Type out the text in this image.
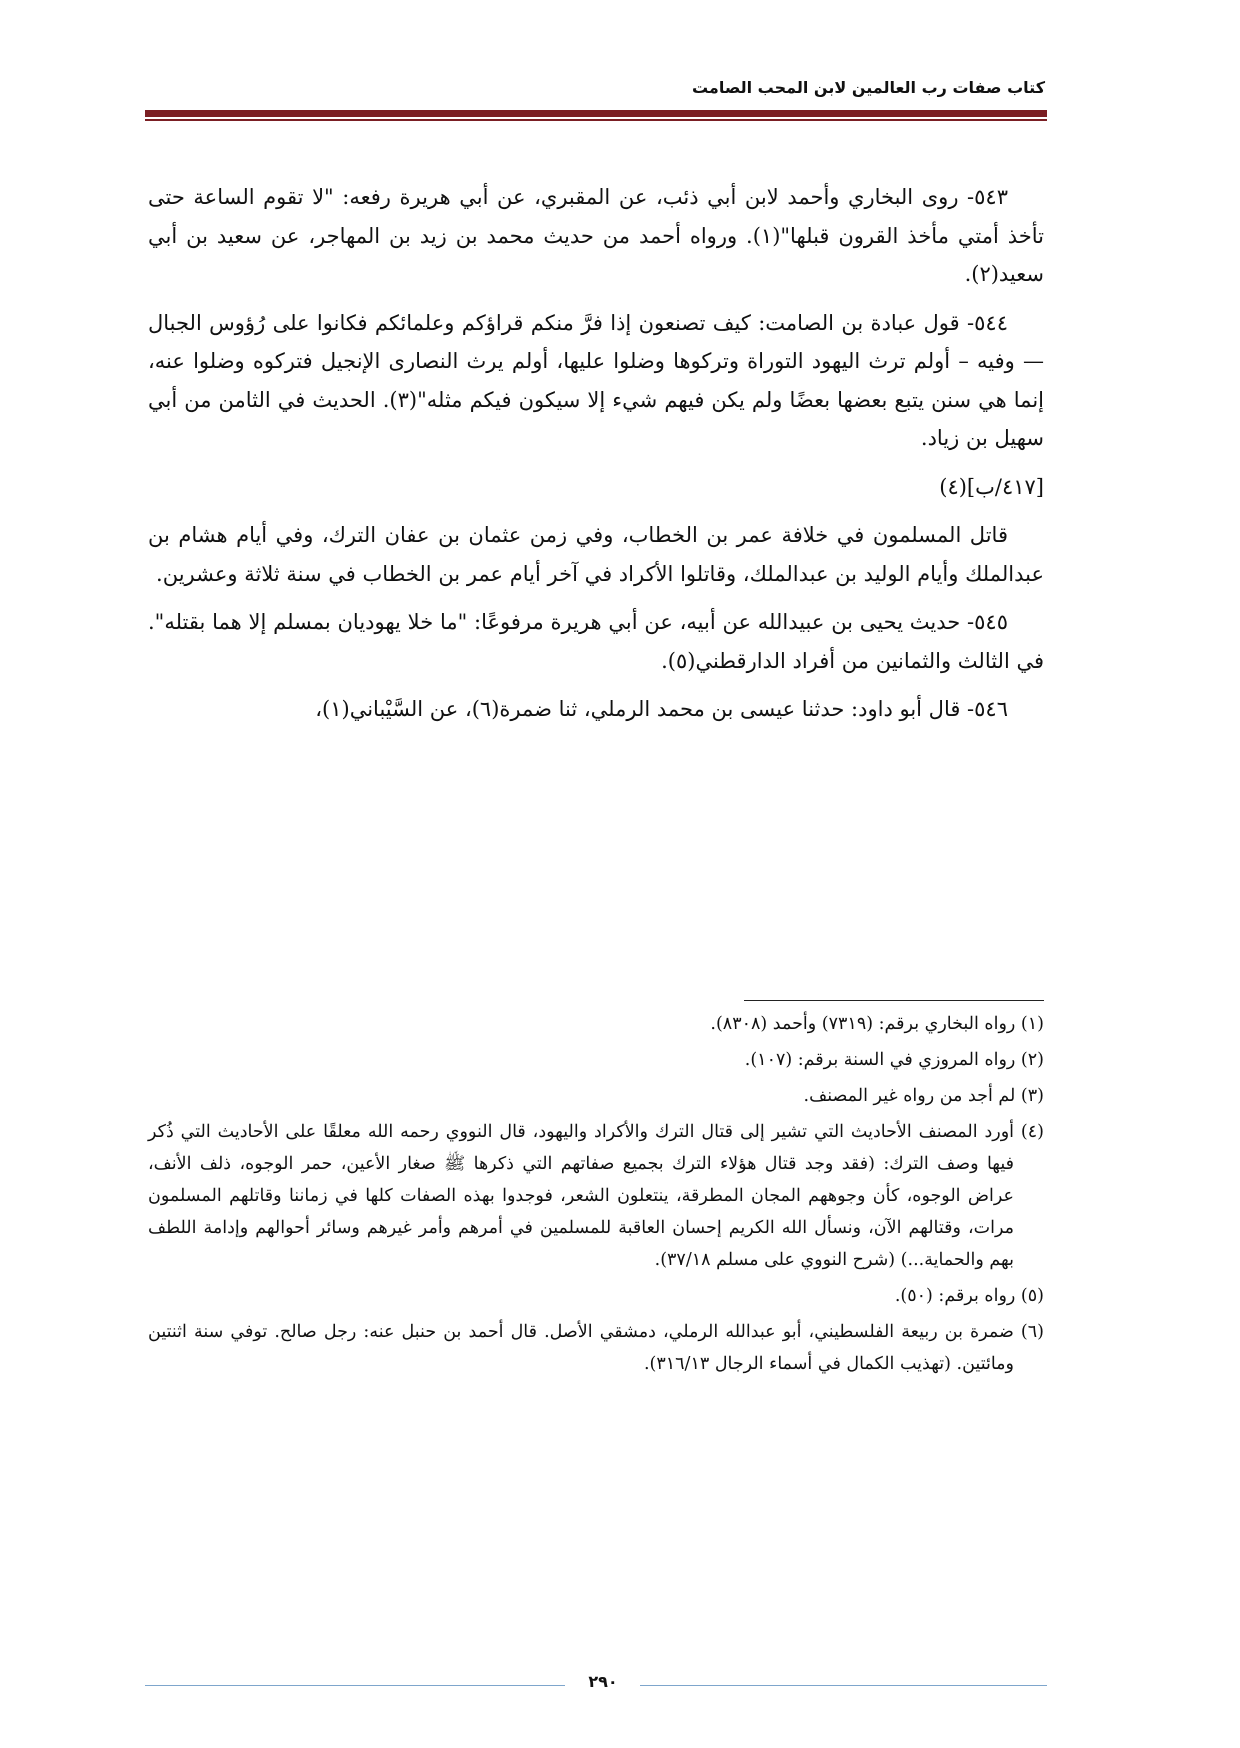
كتاب صفات رب العالمين لابن المحب الصامت

٥٤٣- روى البخاري وأحمد لابن أبي ذئب، عن المقبري، عن أبي هريرة رفعه: "لا تقوم الساعة حتى تأخذ أمتي مأخذ القرون قبلها"(١). ورواه أحمد من حديث محمد بن زيد بن المهاجر، عن سعيد بن أبي سعيد(٢).

٥٤٤- قول عبادة بن الصامت: كيف تصنعون إذا فرَّ منكم قراؤكم وعلمائكم فكانوا على رُؤوس الجبال — وفيه – أولم ترث اليهود التوراة وتركوها وضلوا عليها، أولم يرث النصارى الإنجيل فتركوه وضلوا عنه، إنما هي سنن يتبع بعضها بعضًا ولم يكن فيهم شيء إلا سيكون فيكم مثله"(٣). الحديث في الثامن من أبي سهيل بن زياد.

[٤١٧/ب](٤)

قاتل المسلمون في خلافة عمر بن الخطاب، وفي زمن عثمان بن عفان الترك، وفي أيام هشام بن عبدالملك وأيام الوليد بن عبدالملك، وقاتلوا الأكراد في آخر أيام عمر بن الخطاب في سنة ثلاثة وعشرين.

٥٤٥- حديث يحيى بن عبيدالله عن أبيه، عن أبي هريرة مرفوعًا: "ما خلا يهوديان بمسلم إلا هما بقتله". في الثالث والثمانين من أفراد الدارقطني(٥).

٥٤٦- قال أبو داود: حدثنا عيسى بن محمد الرملي، ثنا ضمرة(٦)، عن السَّيْباني(١)،

(١) رواه البخاري برقم: (٧٣١٩) وأحمد (٨٣٠٨).

(٢) رواه المروزي في السنة برقم: (١٠٧).

(٣) لم أجد من رواه غير المصنف.

(٤) أورد المصنف الأحاديث التي تشير إلى قتال الترك والأكراد واليهود، قال النووي رحمه الله معلقًا على الأحاديث التي ذُكر فيها وصف الترك: (فقد وجد قتال هؤلاء الترك بجميع صفاتهم التي ذكرها ﷺ صغار الأعين، حمر الوجوه، ذلف الأنف، عراض الوجوه، كأن وجوههم المجان المطرقة، ينتعلون الشعر، فوجدوا بهذه الصفات كلها في زماننا وقاتلهم المسلمون مرات، وقتالهم الآن، ونسأل الله الكريم إحسان العاقبة للمسلمين في أمرهم وأمر غيرهم وسائر أحوالهم وإدامة اللطف بهم والحماية...) (شرح النووي على مسلم ٣٧/١٨).

(٥) رواه برقم: (٥٠).

(٦) ضمرة بن ربيعة الفلسطيني، أبو عبدالله الرملي، دمشقي الأصل. قال أحمد بن حنبل عنه: رجل صالح. توفي سنة اثنتين ومائتين. (تهذيب الكمال في أسماء الرجال ٣١٦/١٣).

٢٩٠
